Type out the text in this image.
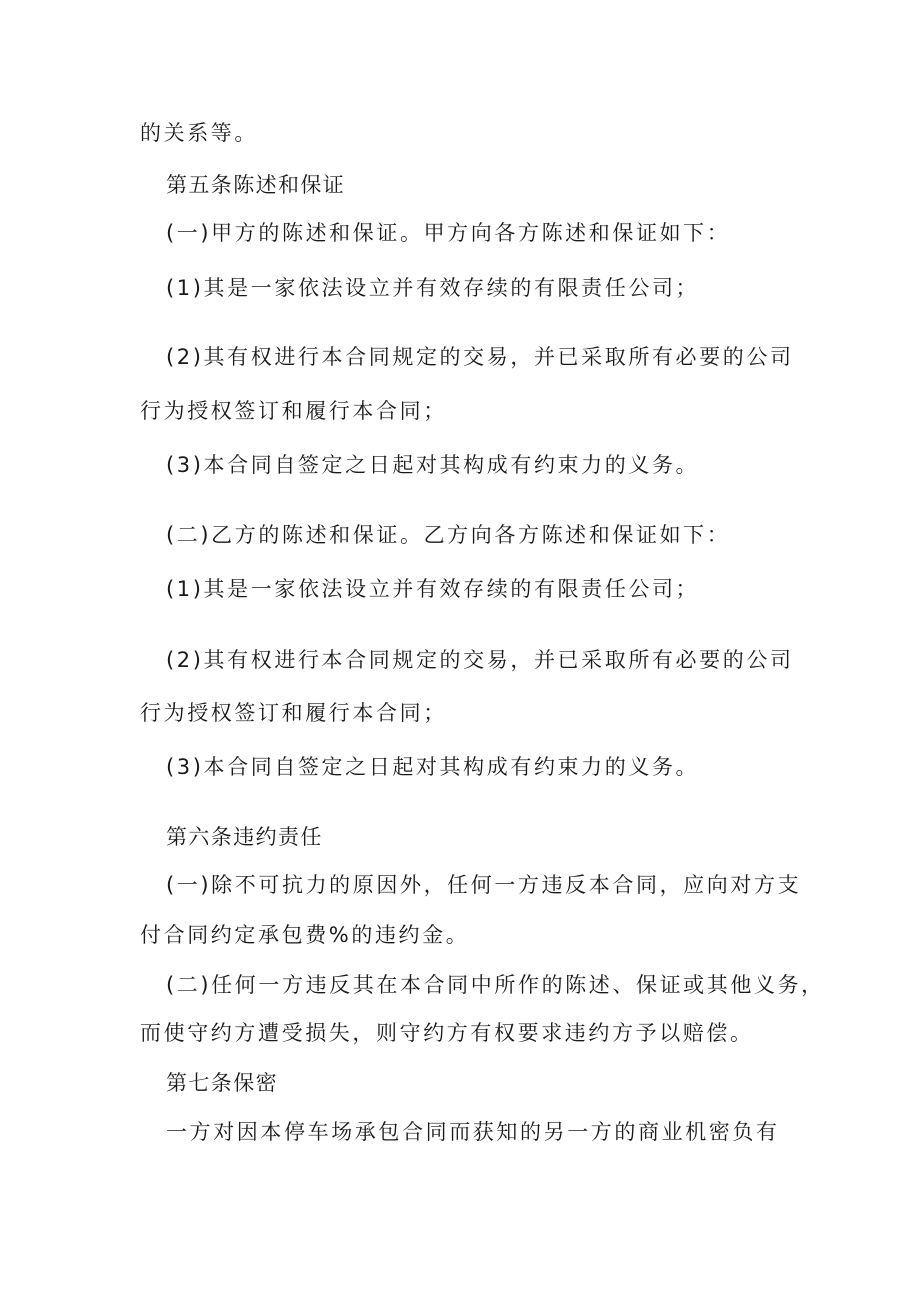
的关系等。
第五条陈述和保证
(一)甲方的陈述和保证。甲方向各方陈述和保证如下：
(1)其是一家依法设立并有效存续的有限责任公司；
(2)其有权进行本合同规定的交易，并已采取所有必要的公司
行为授权签订和履行本合同；
(3)本合同自签定之日起对其构成有约束力的义务。
(二)乙方的陈述和保证。乙方向各方陈述和保证如下：
(1)其是一家依法设立并有效存续的有限责任公司；
(2)其有权进行本合同规定的交易，并已采取所有必要的公司
行为授权签订和履行本合同；
(3)本合同自签定之日起对其构成有约束力的义务。
第六条违约责任
(一)除不可抗力的原因外，任何一方违反本合同，应向对方支
付合同约定承包费%的违约金。
(二)任何一方违反其在本合同中所作的陈述、保证或其他义务，
而使守约方遭受损失，则守约方有权要求违约方予以赔偿。
第七条保密
一方对因本停车场承包合同而获知的另一方的商业机密负有
